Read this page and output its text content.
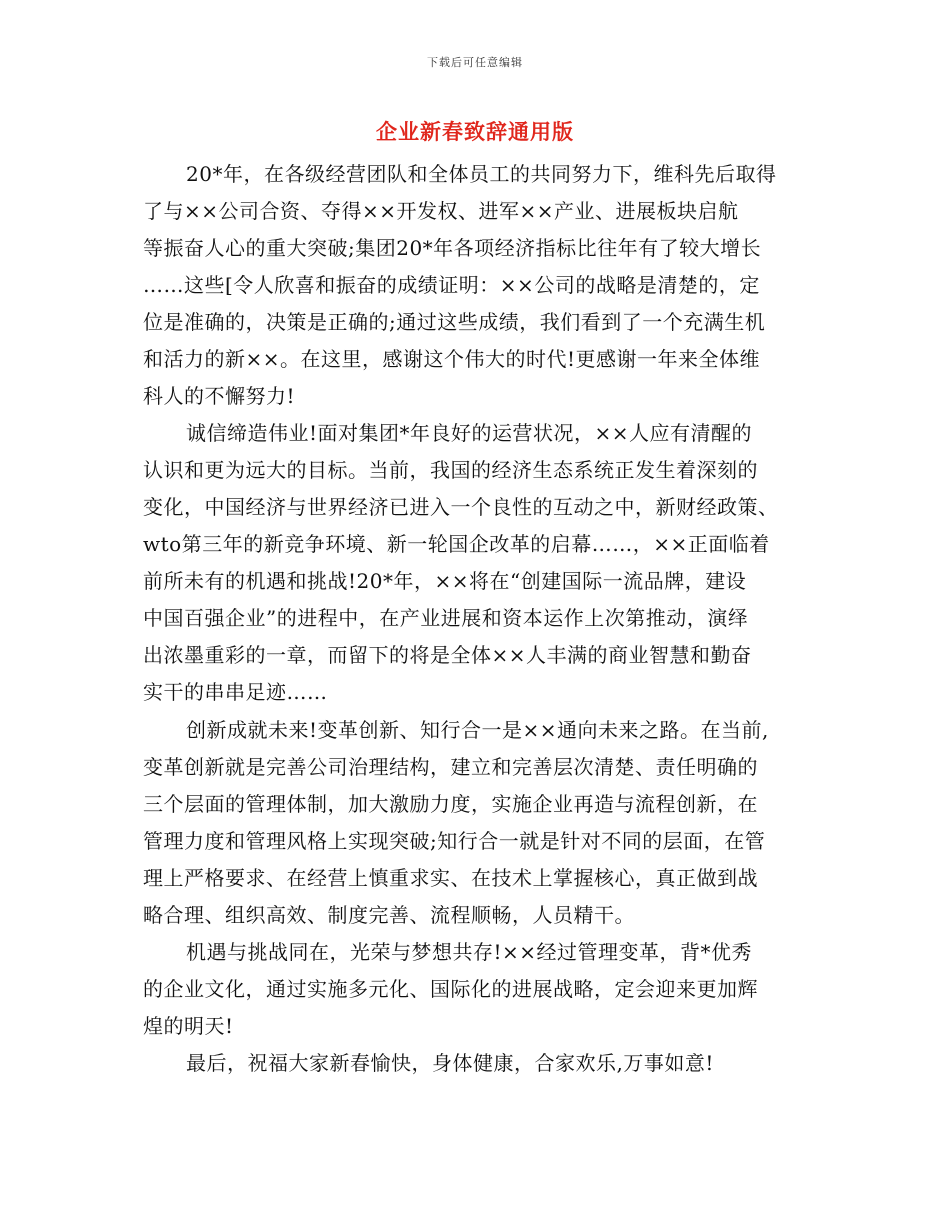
下载后可任意编辑
企业新春致辞通用版
20*年，在各级经营团队和全体员工的共同努力下，维科先后取得
了与××公司合资、夺得××开发权、进军××产业、进展板块启航
等振奋人心的重大突破;集团20*年各项经济指标比往年有了较大增长
……这些[令人欣喜和振奋的成绩证明：××公司的战略是清楚的，定
位是准确的，决策是正确的;通过这些成绩，我们看到了一个充满生机
和活力的新××。在这里，感谢这个伟大的时代!更感谢一年来全体维
科人的不懈努力!
诚信缔造伟业!面对集团*年良好的运营状况，××人应有清醒的
认识和更为远大的目标。当前，我国的经济生态系统正发生着深刻的
变化，中国经济与世界经济已进入一个良性的互动之中，新财经政策、
wto第三年的新竞争环境、新一轮国企改革的启幕……，××正面临着
前所未有的机遇和挑战!20*年，××将在“创建国际一流品牌，建设
中国百强企业”的进程中，在产业进展和资本运作上次第推动，演绎
出浓墨重彩的一章，而留下的将是全体××人丰满的商业智慧和勤奋
实干的串串足迹……
创新成就未来!变革创新、知行合一是××通向未来之路。在当前,
变革创新就是完善公司治理结构，建立和完善层次清楚、责任明确的
三个层面的管理体制，加大激励力度，实施企业再造与流程创新，在
管理力度和管理风格上实现突破;知行合一就是针对不同的层面，在管
理上严格要求、在经营上慎重求实、在技术上掌握核心，真正做到战
略合理、组织高效、制度完善、流程顺畅，人员精干。
机遇与挑战同在，光荣与梦想共存!××经过管理变革，背*优秀
的企业文化，通过实施多元化、国际化的进展战略，定会迎来更加辉
煌的明天!
最后，祝福大家新春愉快，身体健康，合家欢乐,万事如意!
